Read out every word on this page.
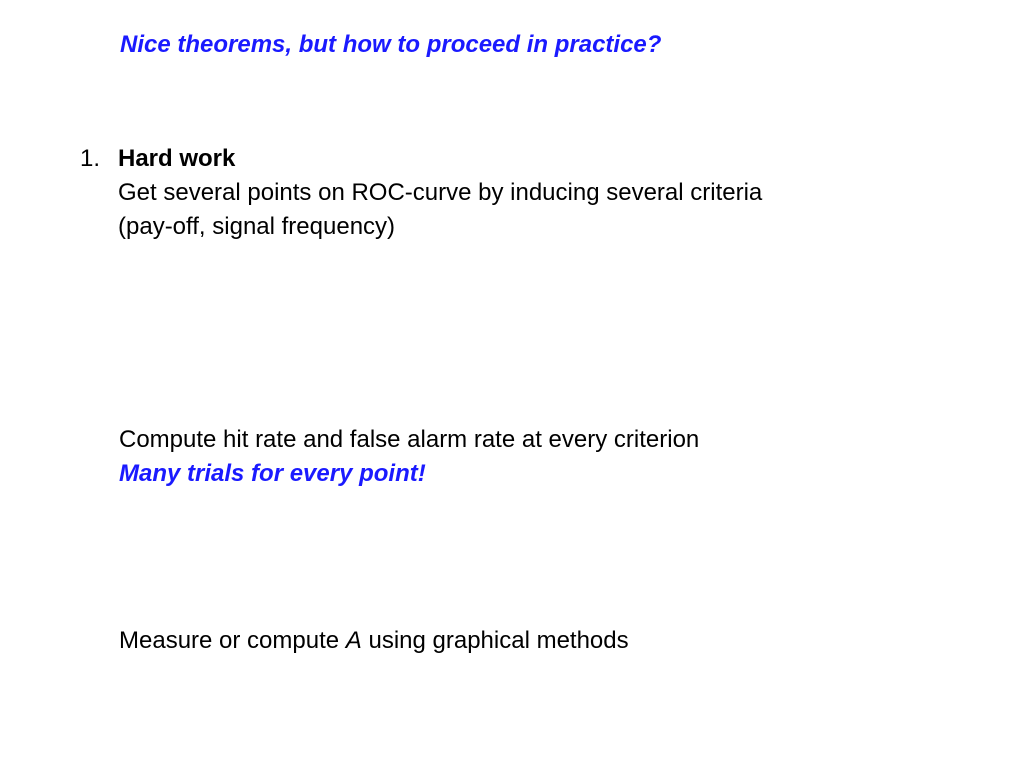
Nice theorems, but how to proceed in practice?
1. Hard work
Get several points on ROC-curve by inducing several criteria (pay-off, signal frequency)
Compute hit rate and false alarm rate at every criterion
Many trials for every point!
Measure or compute A using graphical methods
